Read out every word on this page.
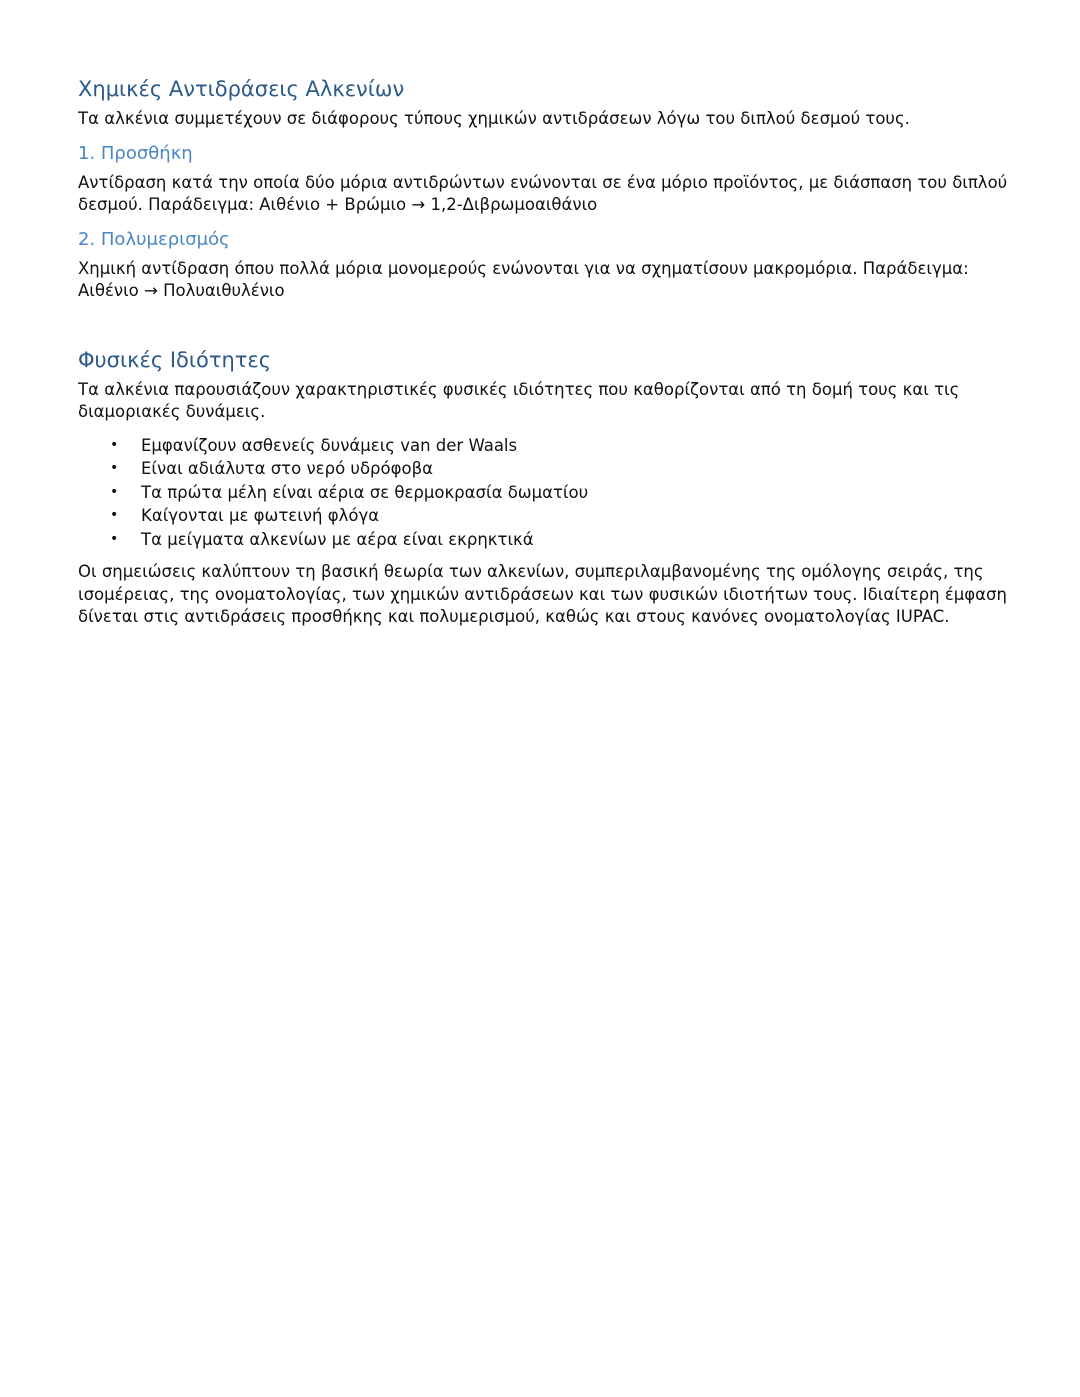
Χημικές Αντιδράσεις Αλκενίων

Τα αλκένια συμμετέχουν σε διάφορους τύπους χημικών αντιδράσεων λόγω του διπλού δεσμού τους.

1. Προσθήκη

Αντίδραση κατά την οποία δύο μόρια αντιδρώντων ενώνονται σε ένα μόριο προϊόντος, με διάσπαση του διπλού δεσμού. Παράδειγμα: Αιθένιο + Βρώμιο → 1,2-Διβρωμοαιθάνιο

2. Πολυμερισμός

Χημική αντίδραση όπου πολλά μόρια μονομερούς ενώνονται για να σχηματίσουν μακρομόρια. Παράδειγμα: Αιθένιο → Πολυαιθυλένιο

Φυσικές Ιδιότητες

Τα αλκένια παρουσιάζουν χαρακτηριστικές φυσικές ιδιότητες που καθορίζονται από τη δομή τους και τις διαμοριακές δυνάμεις.

• Εμφανίζουν ασθενείς δυνάμεις van der Waals
• Είναι αδιάλυτα στο νερό υδρόφοβα
• Τα πρώτα μέλη είναι αέρια σε θερμοκρασία δωματίου
• Καίγονται με φωτεινή φλόγα
• Τα μείγματα αλκενίων με αέρα είναι εκρηκτικά

Οι σημειώσεις καλύπτουν τη βασική θεωρία των αλκενίων, συμπεριλαμβανομένης της ομόλογης σειράς, της ισομέρειας, της ονοματολογίας, των χημικών αντιδράσεων και των φυσικών ιδιοτήτων τους. Ιδιαίτερη έμφαση δίνεται στις αντιδράσεις προσθήκης και πολυμερισμού, καθώς και στους κανόνες ονοματολογίας IUPAC.
